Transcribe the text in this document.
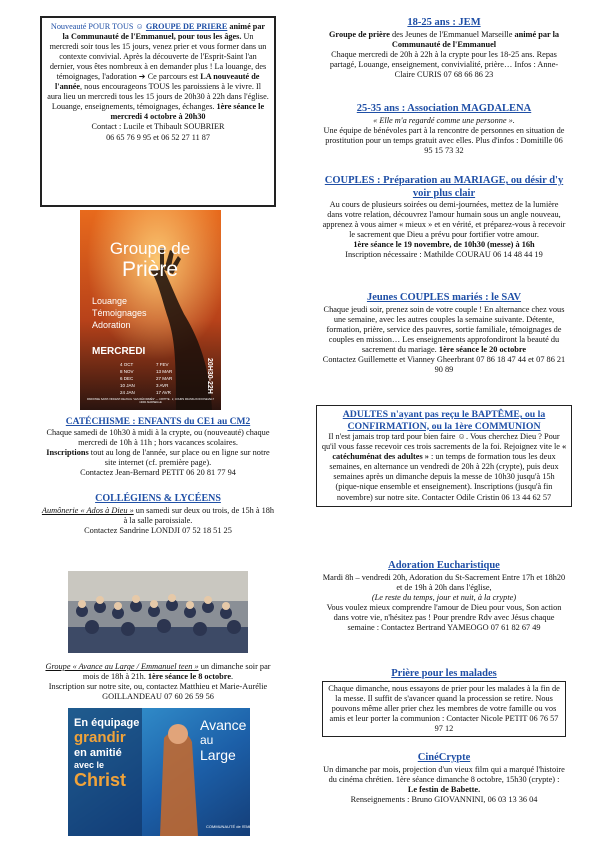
Nouveauté POUR TOUS ☺ GROUPE DE PRIERE animé par la Communauté de l'Emmanuel, pour tous les âges. Un mercredi soir tous les 15 jours, venez prier et vous former dans un contexte convivial. Après la découverte de l'Esprit-Saint l'an dernier, vous êtes nombreux à en demander plus ! La louange, des témoignages, l'adoration ➔ Ce parcours est LA nouveauté de l'année, nous encourageons TOUS les paroissiens à le vivre. Il aura lieu un mercredi tous les 15 jours de 20h30 à 22h dans l'église. Louange, enseignements, témoignages, échanges. 1ère séance le mercredi 4 octobre à 20h30
Contact : Lucile et Thibault SOUBRIER
06 65 76 9 95 et 06 52 27 11 87
Groupe de
Prière
Louange
Témoignages
Adoration
MERCREDI
20H30-22H
4 OCT
8 NOV
6 DEC
10 JAN
24 JAN
7 FEV
13 MAR
27 MAR
3 AVR
17 AVR
PAROISSE SAINT-VINCENT-DE-PAUL "LES RÉFORMÉS" — CRYPTE · 2, COURS FRANKLIN ROOSEVELT 13001 MARSEILLE
CATÉCHISME : ENFANTS du CE1 au CM2
Chaque samedi de 10h30 à midi à la crypte, ou (nouveauté) chaque mercredi de 10h à 11h ; hors vacances scolaires.
Inscriptions tout au long de l'année, sur place ou en ligne sur notre site internet (cf. première page).
Contactez Jean-Bernard PETIT 06 20 81 77 94
COLLÉGIENS & LYCÉENS
Aumônerie « Ados à Dieu » un samedi sur deux ou trois, de 15h à 18h à la salle paroissiale.
Contactez Sandrine LONDJI 07 52 18 51 25
Groupe « Avance au Large / Emmanuel teen » un dimanche soir par mois de 18h à 21h. 1ère séance le 8 octobre.
Inscription sur notre site, ou, contactez Matthieu et Marie-Aurélie GOILLANDEAU 07 60 26 59 56
En équipage
grandir
en amitié
avec le
Christ
Avance
au
Large
COMMUNAUTÉ de l'EMMANUEL
18-25 ans : JEM
Groupe de prière des Jeunes de l'Emmanuel Marseille animé par la Communauté de l'Emmanuel
Chaque mercredi de 20h à 22h à la crypte pour les 18-25 ans. Repas partagé, Louange, enseignement, convivialité, prière… Infos : Anne-Claire CURIS 07 68 66 86 23
25-35 ans : Association MAGDALENA
« Elle m'a regardé comme une personne ».
Une équipe de bénévoles part à la rencontre de personnes en situation de prostitution pour un temps gratuit avec elles. Plus d'infos : Domitille 06 95 15 73 32
COUPLES : Préparation au MARIAGE, ou désir d'y voir plus clair
Au cours de plusieurs soirées ou demi-journées, mettez de la lumière dans votre relation, découvrez l'amour humain sous un angle nouveau, apprenez à vous aimer « mieux » et en vérité, et préparez-vous à recevoir le sacrement que Dieu a prévu pour fortifier votre amour.
1ère séance le 19 novembre, de 10h30 (messe) à 16h
Inscription nécessaire : Mathilde COURAU 06 14 48 44 19
Jeunes COUPLES mariés : le SAV
Chaque jeudi soir, prenez soin de votre couple ! En alternance chez vous une semaine, avec les autres couples la semaine suivante. Détente, formation, prière, service des pauvres, sortie familiale, témoignages de couples en mission… Les enseignements approfondiront la beauté du sacrement du mariage. 1ère séance le 20 octobre
Contactez Guillemette et Vianney Gheerbrant 07 86 18 47 44 et 07 86 21 90 89
ADULTES n'ayant pas reçu le BAPTÊME, ou la CONFIRMATION, ou la 1ère COMMUNION
Il n'est jamais trop tard pour bien faire ☺. Vous cherchez Dieu ? Pour qu'il vous fasse recevoir ces trois sacrements de la foi. Rejoignez vite le « catéchuménat des adultes » : un temps de formation tous les deux semaines, en alternance un vendredi de 20h à 22h (crypte), puis deux semaines après un dimanche depuis la messe de 10h30 jusqu'à 15h (pique-nique ensemble et enseignement). Inscriptions (jusqu'à fin novembre) sur notre site. Contacter Odile Cristin 06 13 44 62 57
Adoration Eucharistique
Mardi 8h – vendredi 20h, Adoration du St-Sacrement Entre 17h et 18h20 et de 19h à 20h dans l'église,
(Le reste du temps, jour et nuit, à la crypte)
Vous voulez mieux comprendre l'amour de Dieu pour vous, Son action dans votre vie, n'hésitez pas ! Pour prendre Rdv avec Jésus chaque semaine : Contactez Bertrand YAMEOGO 07 61 82 67 49
Prière pour les malades
Chaque dimanche, nous essayons de prier pour les malades à la fin de la messe. Il suffit de s'avancer quand la procession se retire. Nous pouvons même aller prier chez les membres de votre famille ou vos amis et leur porter la communion : Contacter Nicole PETIT 06 76 57 97 12
CinéCrypte
Un dimanche par mois, projection d'un vieux film qui a marqué l'histoire du cinéma chrétien. 1ère séance dimanche 8 octobre, 15h30 (crypte) :
Le festin de Babette.
Renseignements : Bruno GIOVANNINI, 06 03 13 36 04
